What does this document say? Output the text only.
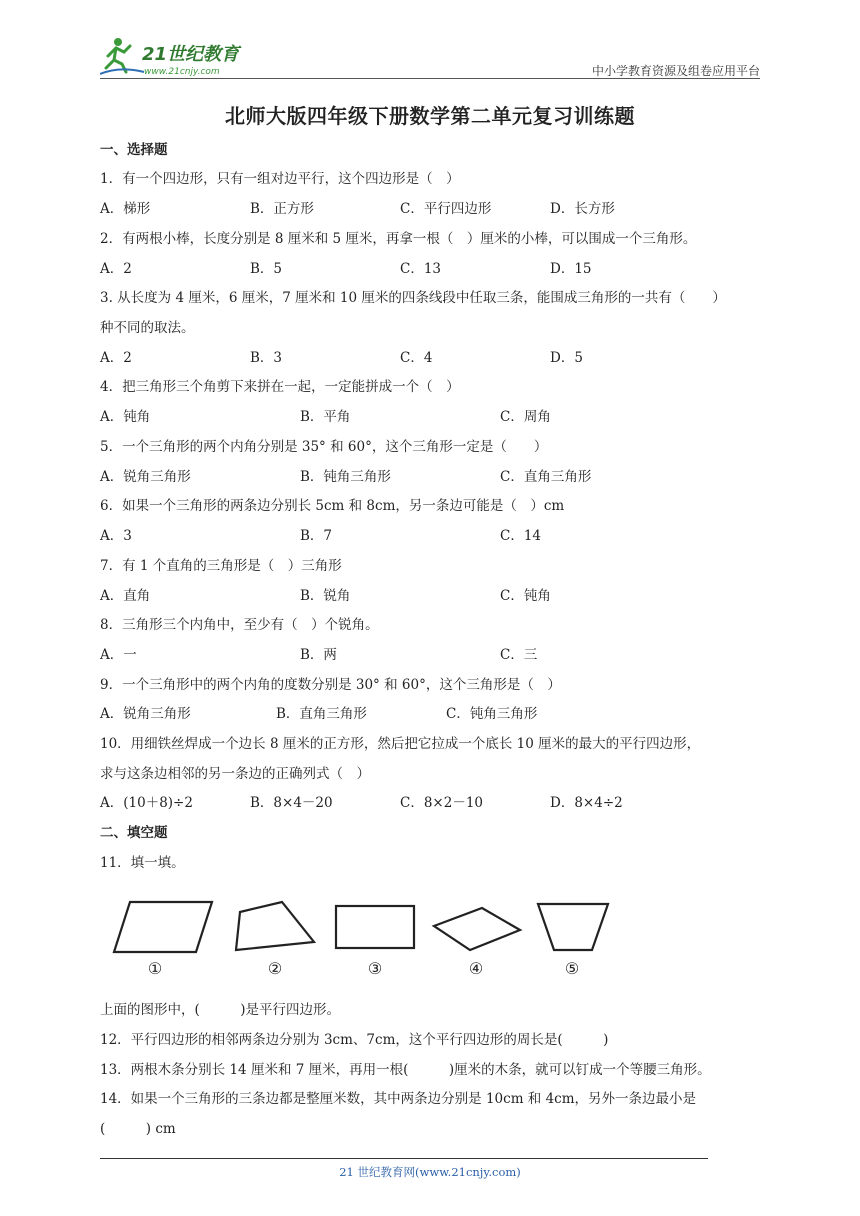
21世纪教育
www.21cnjy.com	中小学教育资源及组卷应用平台
北师大版四年级下册数学第二单元复习训练题
一、选择题
1．有一个四边形，只有一组对边平行，这个四边形是（　）
A．梯形	B．正方形	C．平行四边形	D．长方形
2．有两根小棒，长度分别是 8 厘米和 5 厘米，再拿一根（　）厘米的小棒，可以围成一个三角形。
A．2	B．5	C．13	D．15
3. 从长度为 4 厘米，6 厘米，7 厘米和 10 厘米的四条线段中任取三条，能围成三角形的一共有（　　）
种不同的取法。
A．2	B．3	C．4	D．5
4．把三角形三个角剪下来拼在一起，一定能拼成一个（　）
A．钝角	B．平角	C．周角
5．一个三角形的两个内角分别是 35° 和 60°，这个三角形一定是（　　）
A．锐角三角形	B．钝角三角形	C．直角三角形
6．如果一个三角形的两条边分别长 5cm 和 8cm，另一条边可能是（　）cm
A．3	B．7	C．14
7．有 1 个直角的三角形是（　）三角形
A．直角	B．锐角	C．钝角
8．三角形三个内角中，至少有（　）个锐角。
A．一	B．两	C．三
9．一个三角形中的两个内角的度数分别是 30° 和 60°，这个三角形是（　）
A．锐角三角形	B．直角三角形	C．钝角三角形
10．用细铁丝焊成一个边长 8 厘米的正方形，然后把它拉成一个底长 10 厘米的最大的平行四边形，
求与这条边相邻的另一条边的正确列式（　）
A．(10＋8)÷2	B．8×4－20	C．8×2－10	D．8×4÷2
二、填空题
11．填一填。
①	②	③	④	⑤
上面的图形中，(　　　)是平行四边形。
12．平行四边形的相邻两条边分别为 3cm、7cm，这个平行四边形的周长是(　　　)
13．两根木条分别长 14 厘米和 7 厘米，再用一根(　　　)厘米的木条，就可以钉成一个等腰三角形。
14．如果一个三角形的三条边都是整厘米数，其中两条边分别是 10cm 和 4cm，另外一条边最小是
(　　　) cm
21 世纪教育网(www.21cnjy.com)
